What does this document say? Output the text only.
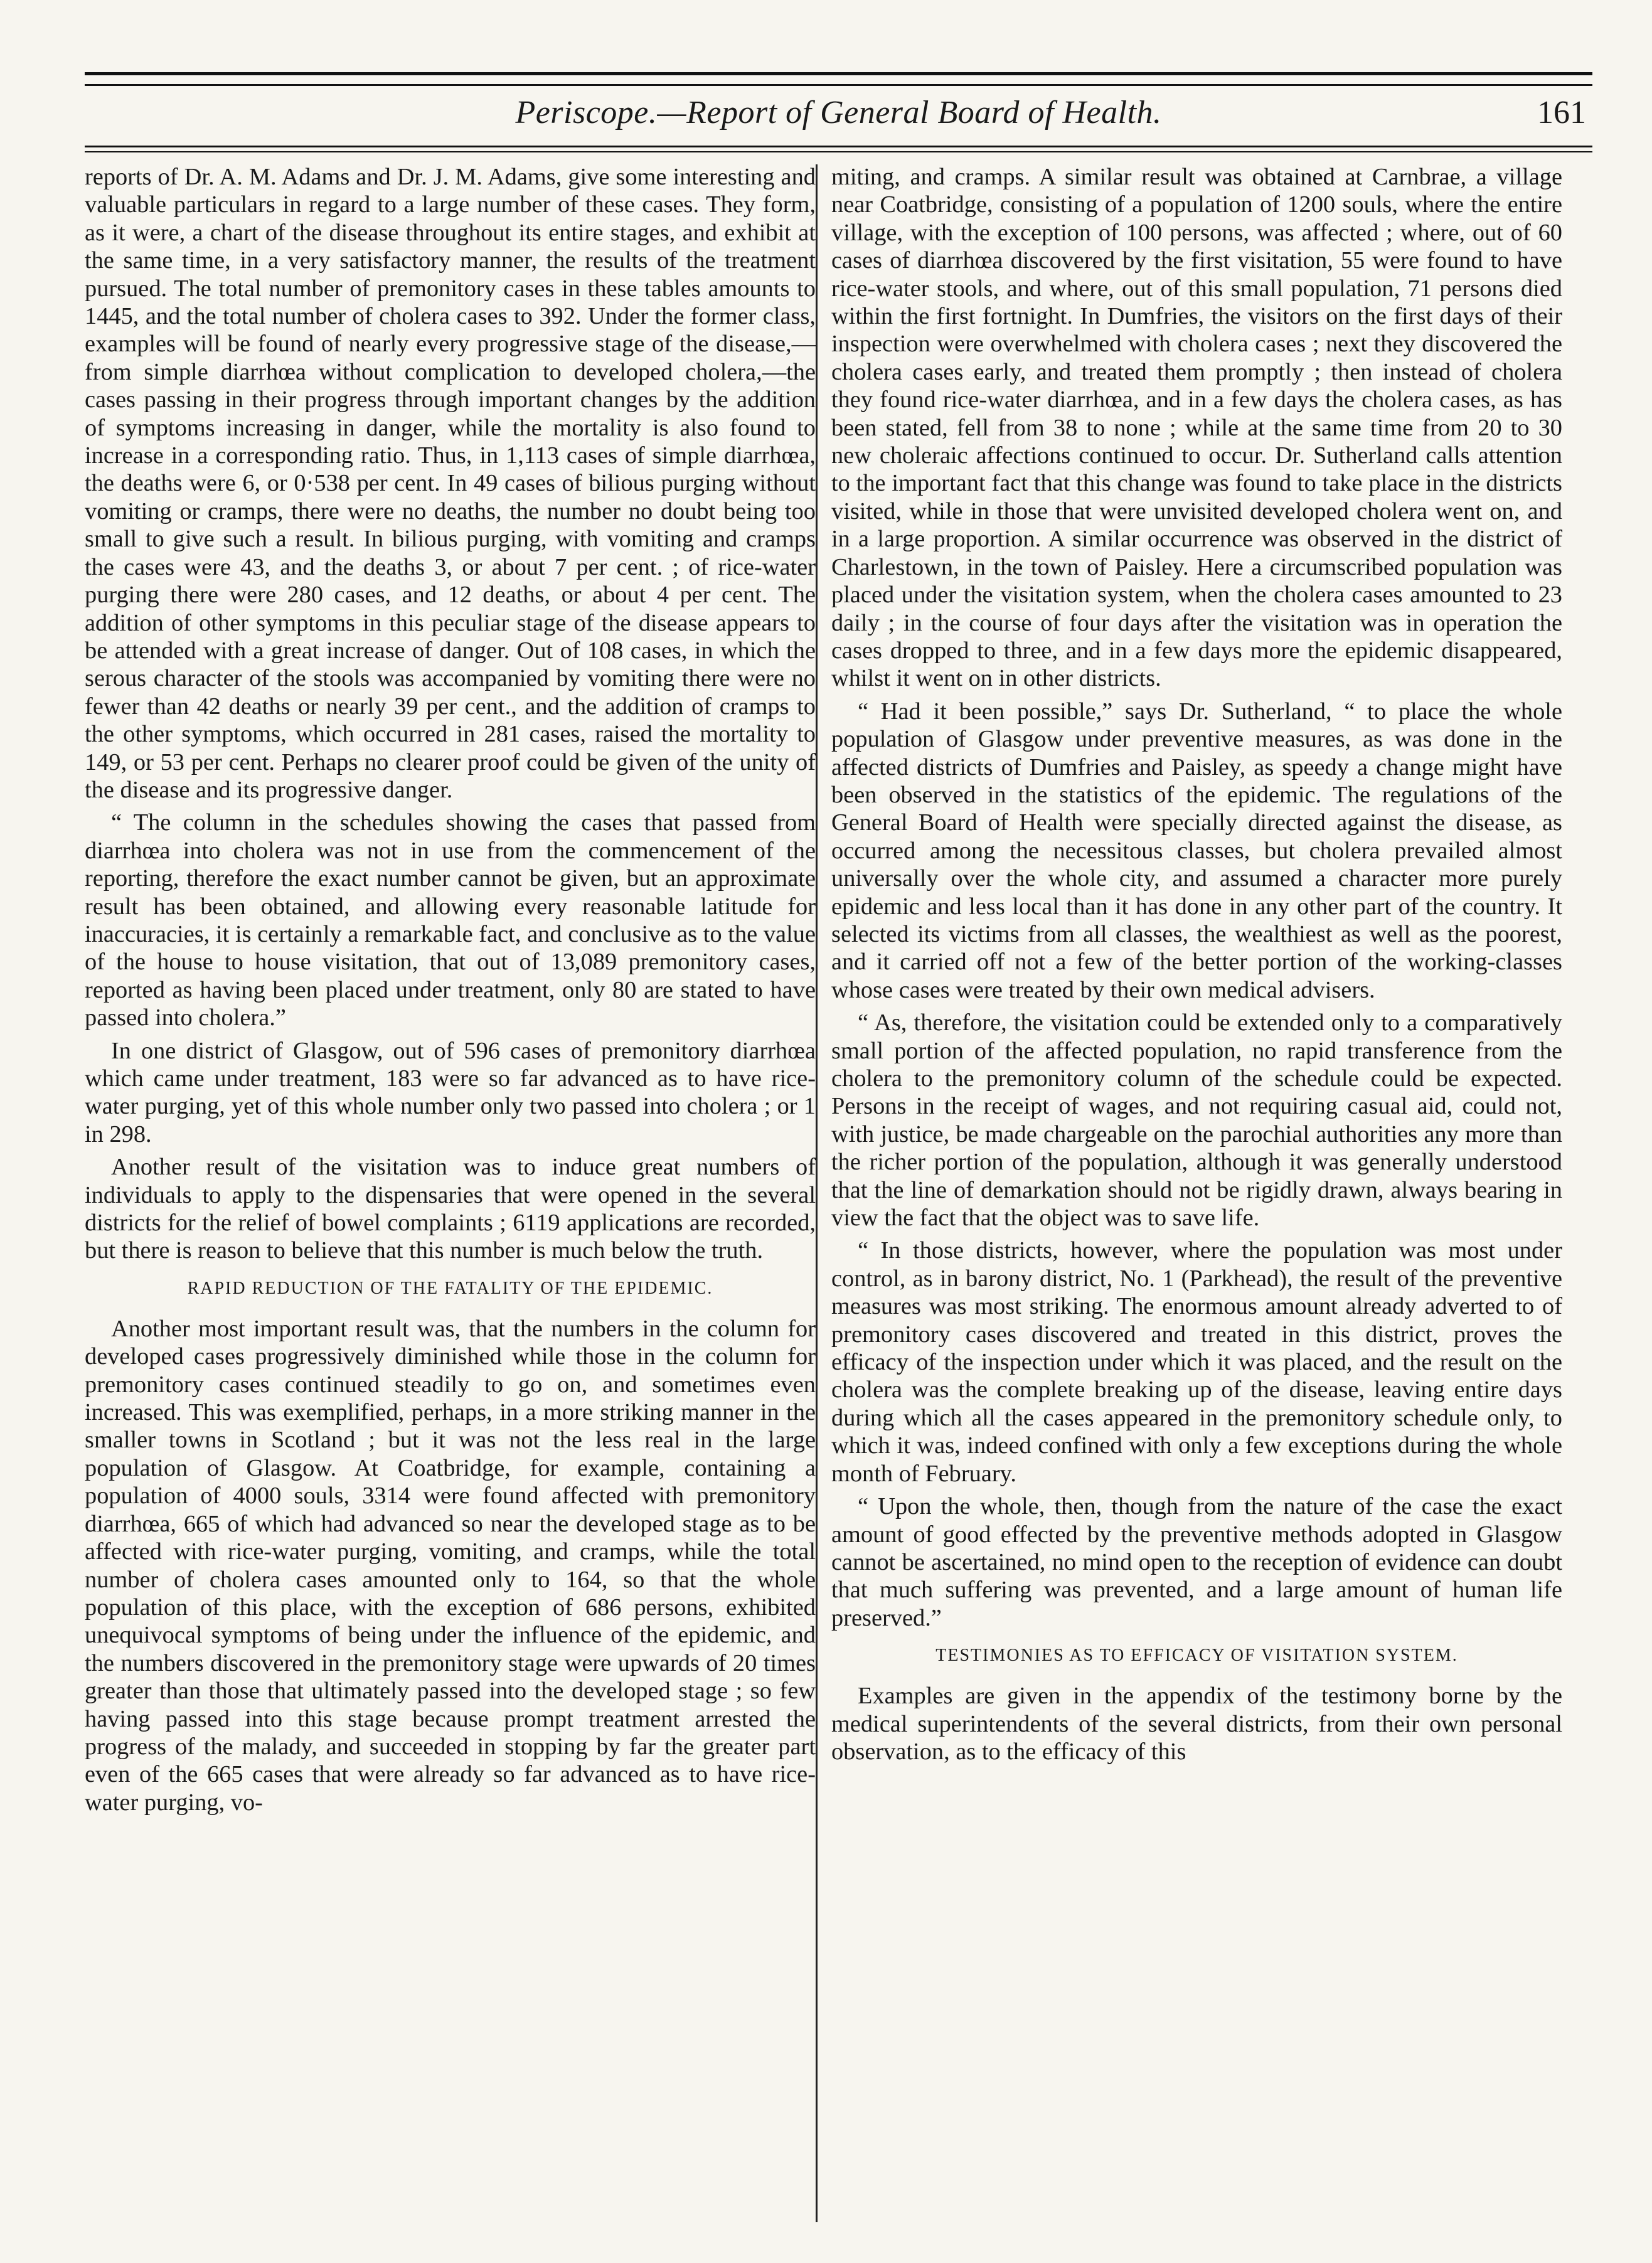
Periscope.—Report of General Board of Health.	161

reports of Dr. A. M. Adams and Dr. J. M. Adams, give some interesting and valuable particulars in regard to a large number of these cases. They form, as it were, a chart of the disease throughout its entire stages, and exhibit at the same time, in a very satisfactory manner, the results of the treatment pursued. The total number of premonitory cases in these tables amounts to 1445, and the total number of cholera cases to 392. Under the former class, examples will be found of nearly every progressive stage of the disease,—from simple diarrhœa without complication to developed cholera,—the cases passing in their progress through important changes by the addition of symptoms increasing in danger, while the mortality is also found to increase in a corresponding ratio. Thus, in 1,113 cases of simple diarrhœa, the deaths were 6, or 0·538 per cent. In 49 cases of bilious purging without vomiting or cramps, there were no deaths, the number no doubt being too small to give such a result. In bilious purging, with vomiting and cramps the cases were 43, and the deaths 3, or about 7 per cent. ; of rice-water purging there were 280 cases, and 12 deaths, or about 4 per cent. The addition of other symptoms in this peculiar stage of the disease appears to be attended with a great increase of danger. Out of 108 cases, in which the serous character of the stools was accompanied by vomiting there were no fewer than 42 deaths or nearly 39 per cent., and the addition of cramps to the other symptoms, which occurred in 281 cases, raised the mortality to 149, or 53 per cent. Perhaps no clearer proof could be given of the unity of the disease and its progressive danger.

“ The column in the schedules showing the cases that passed from diarrhœa into cholera was not in use from the commencement of the reporting, therefore the exact number cannot be given, but an approximate result has been obtained, and allowing every reasonable latitude for inaccuracies, it is certainly a remarkable fact, and conclusive as to the value of the house to house visitation, that out of 13,089 premonitory cases, reported as having been placed under treatment, only 80 are stated to have passed into cholera.”

In one district of Glasgow, out of 596 cases of premonitory diarrhœa which came under treatment, 183 were so far advanced as to have rice-water purging, yet of this whole number only two passed into cholera ; or 1 in 298.

Another result of the visitation was to induce great numbers of individuals to apply to the dispensaries that were opened in the several districts for the relief of bowel complaints ; 6119 applications are recorded, but there is reason to believe that this number is much below the truth.

RAPID REDUCTION OF THE FATALITY OF THE EPIDEMIC.

Another most important result was, that the numbers in the column for developed cases progressively diminished while those in the column for premonitory cases continued steadily to go on, and sometimes even increased. This was exemplified, perhaps, in a more striking manner in the smaller towns in Scotland ; but it was not the less real in the large population of Glasgow. At Coatbridge, for example, containing a population of 4000 souls, 3314 were found affected with premonitory diarrhœa, 665 of which had advanced so near the developed stage as to be affected with rice-water purging, vomiting, and cramps, while the total number of cholera cases amounted only to 164, so that the whole population of this place, with the exception of 686 persons, exhibited unequivocal symptoms of being under the influence of the epidemic, and the numbers discovered in the premonitory stage were upwards of 20 times greater than those that ultimately passed into the developed stage ; so few having passed into this stage because prompt treatment arrested the progress of the malady, and succeeded in stopping by far the greater part even of the 665 cases that were already so far advanced as to have rice-water purging, vo-

miting, and cramps. A similar result was obtained at Carnbrae, a village near Coatbridge, consisting of a population of 1200 souls, where the entire village, with the exception of 100 persons, was affected ; where, out of 60 cases of diarrhœa discovered by the first visitation, 55 were found to have rice-water stools, and where, out of this small population, 71 persons died within the first fortnight. In Dumfries, the visitors on the first days of their inspection were overwhelmed with cholera cases ; next they discovered the cholera cases early, and treated them promptly ; then instead of cholera they found rice-water diarrhœa, and in a few days the cholera cases, as has been stated, fell from 38 to none ; while at the same time from 20 to 30 new choleraic affections continued to occur. Dr. Sutherland calls attention to the important fact that this change was found to take place in the districts visited, while in those that were unvisited developed cholera went on, and in a large proportion. A similar occurrence was observed in the district of Charlestown, in the town of Paisley. Here a circumscribed population was placed under the visitation system, when the cholera cases amounted to 23 daily ; in the course of four days after the visitation was in operation the cases dropped to three, and in a few days more the epidemic disappeared, whilst it went on in other districts.

“ Had it been possible,” says Dr. Sutherland, “ to place the whole population of Glasgow under preventive measures, as was done in the affected districts of Dumfries and Paisley, as speedy a change might have been observed in the statistics of the epidemic. The regulations of the General Board of Health were specially directed against the disease, as occurred among the necessitous classes, but cholera prevailed almost universally over the whole city, and assumed a character more purely epidemic and less local than it has done in any other part of the country. It selected its victims from all classes, the wealthiest as well as the poorest, and it carried off not a few of the better portion of the working-classes whose cases were treated by their own medical advisers.

“ As, therefore, the visitation could be extended only to a comparatively small portion of the affected population, no rapid transference from the cholera to the premonitory column of the schedule could be expected. Persons in the receipt of wages, and not requiring casual aid, could not, with justice, be made chargeable on the parochial authorities any more than the richer portion of the population, although it was generally understood that the line of demarkation should not be rigidly drawn, always bearing in view the fact that the object was to save life.

“ In those districts, however, where the population was most under control, as in barony district, No. 1 (Parkhead), the result of the preventive measures was most striking. The enormous amount already adverted to of premonitory cases discovered and treated in this district, proves the efficacy of the inspection under which it was placed, and the result on the cholera was the complete breaking up of the disease, leaving entire days during which all the cases appeared in the premonitory schedule only, to which it was, indeed confined with only a few exceptions during the whole month of February.

“ Upon the whole, then, though from the nature of the case the exact amount of good effected by the preventive methods adopted in Glasgow cannot be ascertained, no mind open to the reception of evidence can doubt that much suffering was prevented, and a large amount of human life preserved.”

TESTIMONIES AS TO EFFICACY OF VISITATION SYSTEM.

Examples are given in the appendix of the testimony borne by the medical superintendents of the several districts, from their own personal observation, as to the efficacy of this
